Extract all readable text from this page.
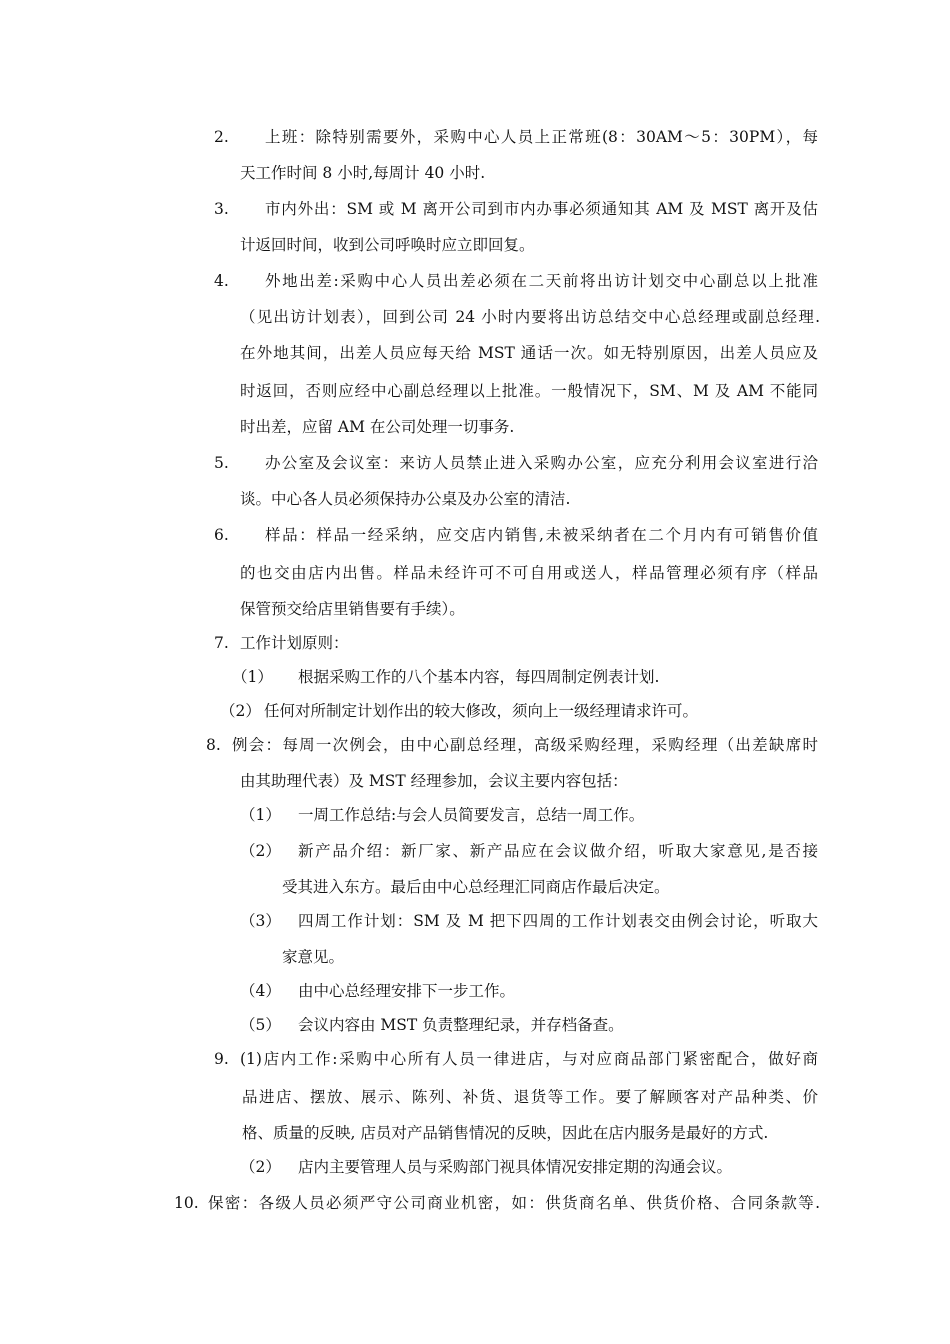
2. 上班：除特别需要外，采购中心人员上正常班(8：30AM～5：30PM），每
天工作时间 8 小时,每周计 40 小时.
3. 市内外出：SM 或 M 离开公司到市内办事必须通知其 AM 及 MST 离开及估
计返回时间，收到公司呼唤时应立即回复。
4. 外地出差:采购中心人员出差必须在二天前将出访计划交中心副总以上批准
（见出访计划表），回到公司 24 小时内要将出访总结交中心总经理或副总经理.
在外地其间，出差人员应每天给 MST 通话一次。如无特别原因，出差人员应及
时返回，否则应经中心副总经理以上批准。一般情况下，SM、M 及 AM 不能同
时出差，应留 AM 在公司处理一切事务.
5. 办公室及会议室：来访人员禁止进入采购办公室，应充分利用会议室进行洽
谈。中心各人员必须保持办公桌及办公室的清洁.
6. 样品：样品一经采纳，应交店内销售,未被采纳者在二个月内有可销售价值
的也交由店内出售。样品未经许可不可自用或送人，样品管理必须有序（样品
保管预交给店里销售要有手续）。
7. 工作计划原则：
（1） 根据采购工作的八个基本内容，每四周制定例表计划.
（2） 任何对所制定计划作出的较大修改，须向上一级经理请求许可。
8. 例会：每周一次例会，由中心副总经理，高级采购经理，采购经理（出差缺席时
由其助理代表）及 MST 经理参加，会议主要内容包括：
（1） 一周工作总结:与会人员简要发言，总结一周工作。
（2） 新产品介绍：新厂家、新产品应在会议做介绍，听取大家意见,是否接
受其进入东方。最后由中心总经理汇同商店作最后决定。
（3） 四周工作计划：SM 及 M 把下四周的工作计划表交由例会讨论，听取大
家意见。
（4） 由中心总经理安排下一步工作。
（5） 会议内容由 MST 负责整理纪录，并存档备查。
9. (1)店内工作:采购中心所有人员一律进店，与对应商品部门紧密配合，做好商
品进店、摆放、展示、陈列、补货、退货等工作。要了解顾客对产品种类、价
格、质量的反映, 店员对产品销售情况的反映，因此在店内服务是最好的方式.
（2） 店内主要管理人员与采购部门视具体情况安排定期的沟通会议。
10. 保密：各级人员必须严守公司商业机密，如：供货商名单、供货价格、合同条款等.
